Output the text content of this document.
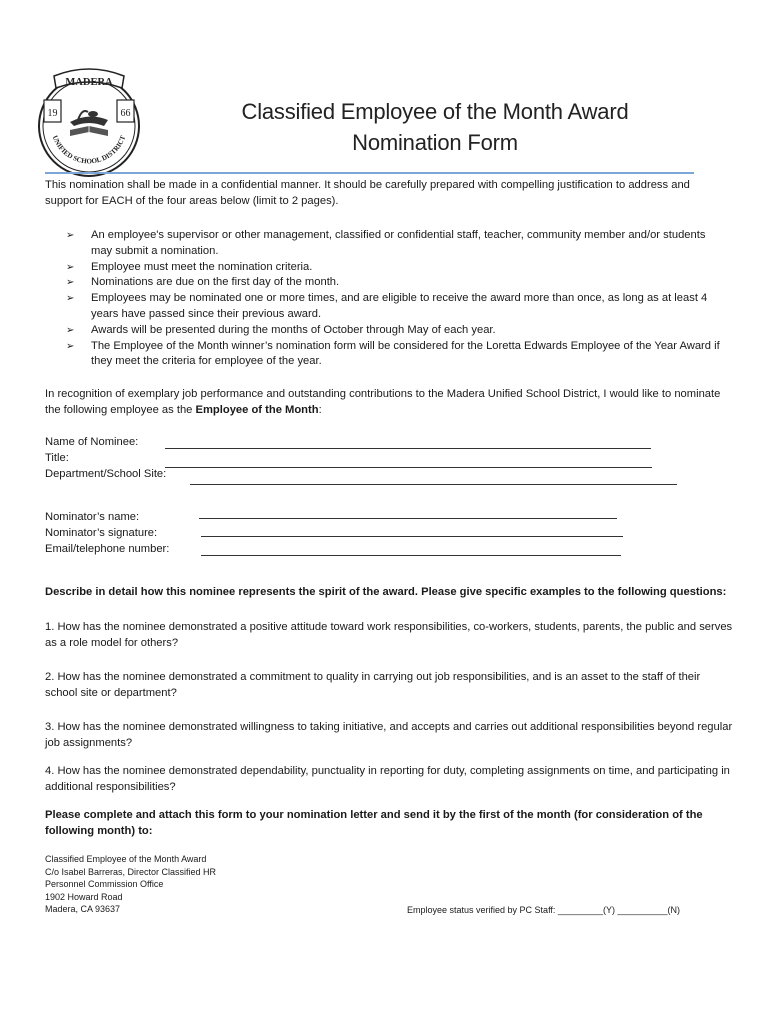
MADERA
19	66
UNIFIED SCHOOL DISTRICT
Classified Employee of the Month Award
Nomination Form
This nomination shall be made in a confidential manner. It should be carefully prepared with compelling justification to address and support for EACH of the four areas below (limit to 2 pages).
➢ An employee's supervisor or other management, classified or confidential staff, teacher, community member and/or students may submit a nomination.
➢ Employee must meet the nomination criteria.
➢ Nominations are due on the first day of the month.
➢ Employees may be nominated one or more times, and are eligible to receive the award more than once, as long as at least 4 years have passed since their previous award.
➢ Awards will be presented during the months of October through May of each year.
➢ The Employee of the Month winner’s nomination form will be considered for the Loretta Edwards Employee of the Year Award if they meet the criteria for employee of the year.
In recognition of exemplary job performance and outstanding contributions to the Madera Unified School District, I would like to nominate the following employee as the Employee of the Month:
Name of Nominee:
Title:
Department/School Site:
Nominator’s name:
Nominator’s signature:
Email/telephone number:
Describe in detail how this nominee represents the spirit of the award. Please give specific examples to the following questions:
1. How has the nominee demonstrated a positive attitude toward work responsibilities, co-workers, students, parents, the public and serves as a role model for others?
2. How has the nominee demonstrated a commitment to quality in carrying out job responsibilities, and is an asset to the staff of their school site or department?
3. How has the nominee demonstrated willingness to taking initiative, and accepts and carries out additional responsibilities beyond regular job assignments?
4. How has the nominee demonstrated dependability, punctuality in reporting for duty, completing assignments on time, and participating in additional responsibilities?
Please complete and attach this form to your nomination letter and send it by the first of the month (for consideration of the following month) to:
Classified Employee of the Month Award
C/o Isabel Barreras, Director Classified HR
Personnel Commission Office
1902 Howard Road
Madera, CA 93637	Employee status verified by PC Staff: _________(Y) __________(N)
